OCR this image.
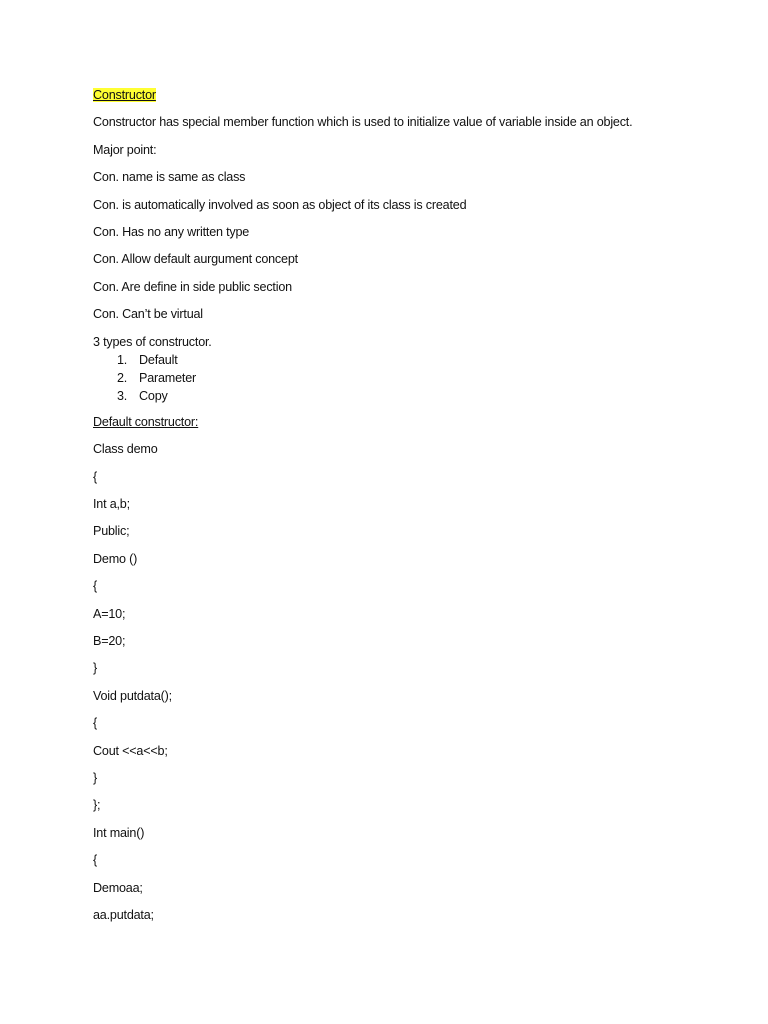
Constructor
Constructor has special member function which is used to initialize value of variable inside an object.
Major point:
Con. name is same as class
Con. is automatically involved as soon as object of its class is created
Con. Has no any written type
Con. Allow default aurgument concept
Con. Are define in side public section
Con. Can’t be virtual
3 types of constructor.
1. Default
2. Parameter
3. Copy
Default constructor:
Class demo
{
Int a,b;
Public;
Demo ()
{
A=10;
B=20;
}
Void putdata();
{
Cout <<a<<b;
}
};
Int main()
{
Demoaa;
aa.putdata;
